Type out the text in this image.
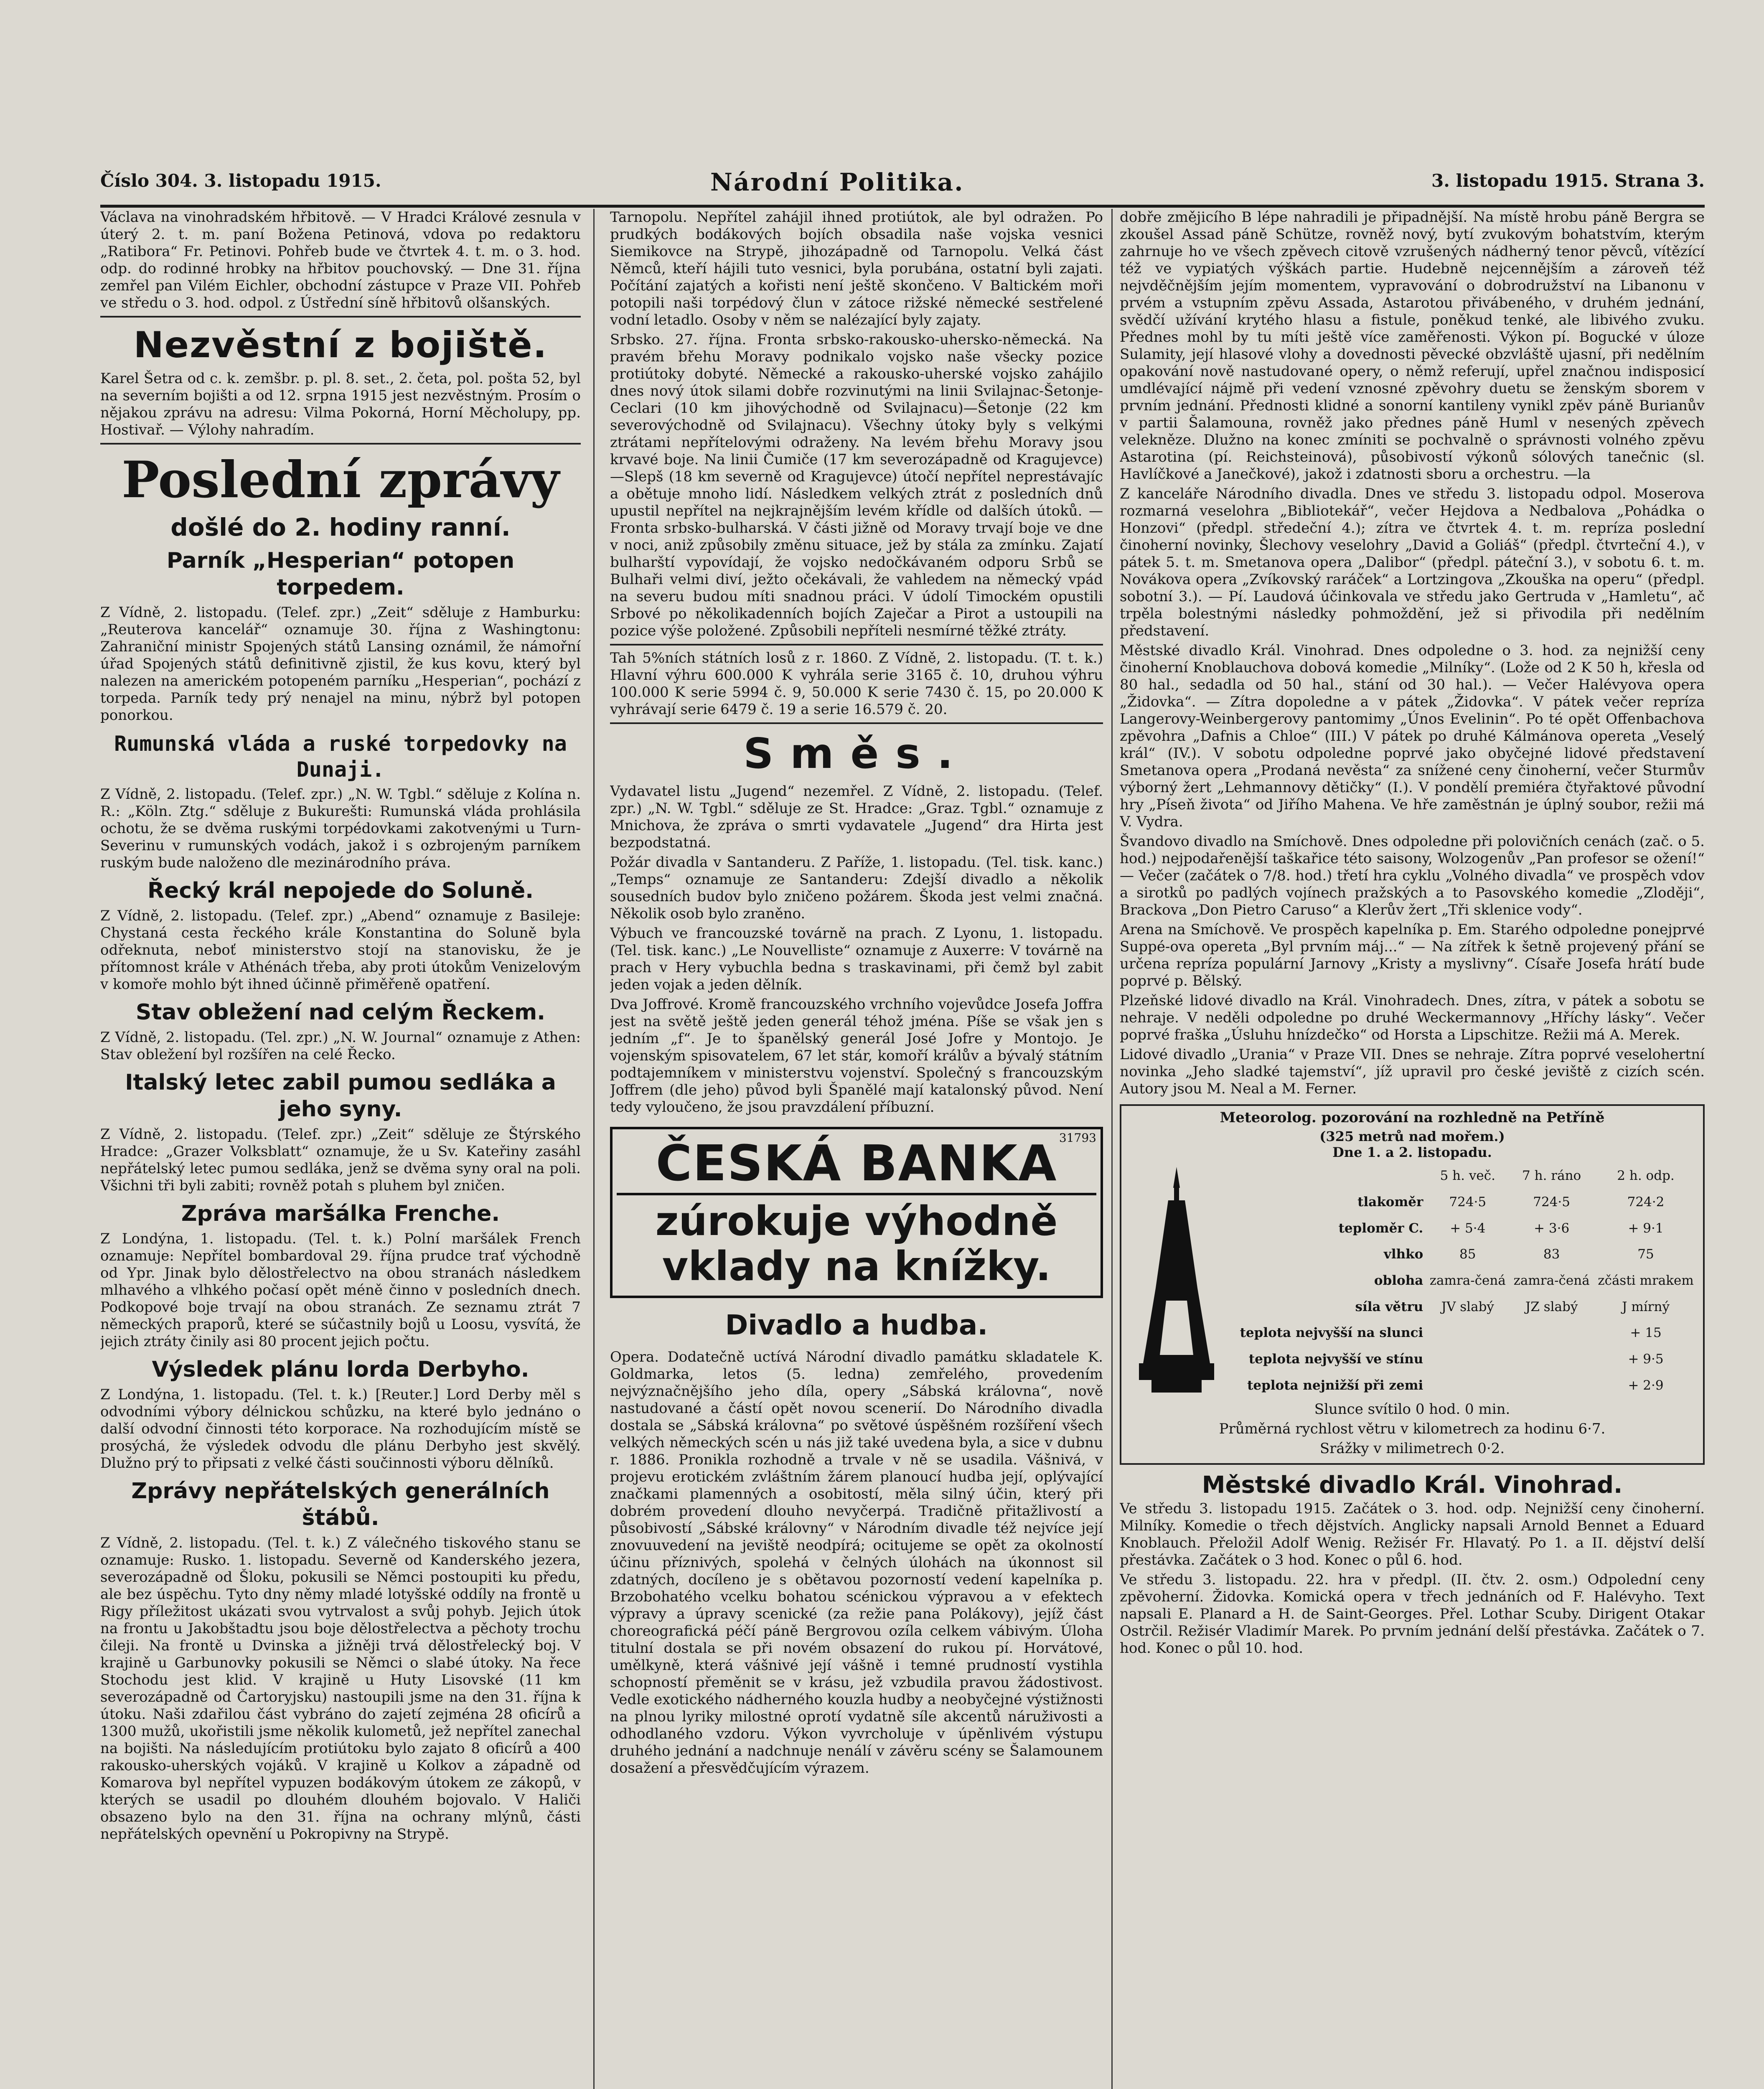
Číslo 304. 3. listopadu 1915.	Národní Politika.	3. listopadu 1915. Strana 3.

Václava na vinohradském hřbitově. — V Hradci Králové zesnula v úterý 2. t. m. paní Božena Petinová, vdova po redaktoru „Ratibora“ Fr. Petinovi. Pohřeb bude ve čtvrtek 4. t. m. o 3. hod. odp. do rodinné hrobky na hřbitov pouchovský. — Dne 31. října zemřel pan Vilém Eichler, obchodní zástupce v Praze VII. Pohřeb ve středu o 3. hod. odpol. z Ústřední síně hřbitovů olšanských.

Nezvěstní z bojiště.

Karel Šetra od c. k. zemšbr. p. pl. 8. set., 2. četa, pol. pošta 52, byl na severním bojišti a od 12. srpna 1915 jest nezvěstným. Prosím o nějakou zprávu na adresu: Vilma Pokorná, Horní Měcholupy, pp. Hostivař. — Výlohy nahradím.

Poslední zprávy
došlé do 2. hodiny ranní.
Parník „Hesperian“ potopen torpedem.

Z Vídně, 2. listopadu. (Telef. zpr.) „Zeit“ sděluje z Hamburku: „Reuterova kancelář“ oznamuje 30. října z Washingtonu: Zahraniční ministr Spojených států Lansing oznámil, že námořní úřad Spojených států definitivně zjistil, že kus kovu, který byl nalezen na americkém potopeném parníku „Hesperian“, pochází z torpeda. Parník tedy prý nenajel na minu, nýbrž byl potopen ponorkou.

Rumunská vláda a ruské torpedovky na Dunaji.

Z Vídně, 2. listopadu. (Telef. zpr.) „N. W. Tgbl.“ sděluje z Kolína n. R.: „Köln. Ztg.“ sděluje z Bukurešti: Rumunská vláda prohlásila ochotu, že se dvěma ruskými torpédovkami zakotvenými u Turn-Severinu v rumunských vodách, jakož i s ozbrojeným parníkem ruským bude naloženo dle mezinárodního práva.

Řecký král nepojede do Soluně.

Z Vídně, 2. listopadu. (Telef. zpr.) „Abend“ oznamuje z Basileje: Chystaná cesta řeckého krále Konstantina do Soluně byla odřeknuta, neboť ministerstvo stojí na stanovisku, že je přítomnost krále v Athénách třeba, aby proti útokům Venizelovým v komoře mohlo být ihned účinně přiměřeně opatření.

Stav obležení nad celým Řeckem.

Z Vídně, 2. listopadu. (Tel. zpr.) „N. W. Journal“ oznamuje z Athen: Stav obležení byl rozšířen na celé Řecko.

Italský letec zabil pumou sedláka a jeho syny.

Z Vídně, 2. listopadu. (Telef. zpr.) „Zeit“ sděluje ze Štýrského Hradce: „Grazer Volksblatt“ oznamuje, že u Sv. Kateřiny zasáhl nepřátelský letec pumou sedláka, jenž se dvěma syny oral na poli. Všichni tři byli zabiti; rovněž potah s pluhem byl zničen.

Zpráva maršálka Frenche.

Z Londýna, 1. listopadu. (Tel. t. k.) Polní maršálek French oznamuje: Nepřítel bombardoval 29. října prudce trať východně od Ypr. Jinak bylo dělostřelectvo na obou stranách následkem mlhavého a vlhkého počasí opět méně činno v posledních dnech. Podkopové boje trvají na obou stranách. Ze seznamu ztrát 7 německých praporů, které se súčastnily bojů u Loosu, vysvítá, že jejich ztráty činily asi 80 procent jejich počtu.

Výsledek plánu lorda Derbyho.

Z Londýna, 1. listopadu. (Tel. t. k.) [Reuter.] Lord Derby měl s odvodními výbory délnickou schůzku, na které bylo jednáno o další odvodní činnosti této korporace. Na rozhodujícím místě se prosýchá, že výsledek odvodu dle plánu Derbyho jest skvělý. Dlužno prý to připsati z velké části součinnosti výboru dělníků.

Zprávy nepřátelských generálních štábů.

Z Vídně, 2. listopadu. (Tel. t. k.) Z válečného tiskového stanu se oznamuje: Rusko. 1. listopadu. Severně od Kanderského jezera, severozápadně od Šloku, pokusili se Němci postoupiti ku předu, ale bez úspěchu. Tyto dny němy mladé lotyšské oddíly na frontě u Rigy příležitost ukázati svou vytrvalost a svůj pohyb. Jejich útok na frontu u Jakobštadtu jsou boje dělostřelectva a pěchoty trochu čileji. Na frontě u Dvinska a jižněji trvá dělostřelecký boj. V krajině u Garbunovky pokusili se Němci o slabé útoky. Na řece Stochodu jest klid. V krajině u Huty Lisovské (11 km severozápadně od Čartoryjsku) nastoupili jsme na den 31. října k útoku. Naši zdařilou část vybráno do zajetí zejména 28 oficírů a 1300 mužů, ukořistili jsme několik kulometů, jež nepřítel zanechal na bojišti. Na následujícím protiútoku bylo zajato 8 oficírů a 400 rakousko-uherských vojáků. V krajině u Kolkov a západně od Komarova byl nepřítel vypuzen bodákovým útokem ze zákopů, v kterých se usadil po dlouhém dlouhém bojovalo. V Haliči obsazeno bylo na den 31. října na ochrany mlýnů, části nepřátelských opevnění u Pokropivny na Strypě.

Tarnopolu. Nepřítel zahájil ihned protiútok, ale byl odražen. Po prudkých bodákových bojích obsadila naše vojska vesnici Siemikovce na Strypě, jihozápadně od Tarnopolu. Velká část Němců, kteří hájili tuto vesnici, byla porubána, ostatní byli zajati. Počítání zajatých a kořisti není ještě skončeno. V Baltickém moři potopili naši torpédový člun v zátoce rižské německé sestřelené vodní letadlo. Osoby v něm se nalézající byly zajaty.

Srbsko. 27. října. Fronta srbsko-rakousko-uhersko-německá. Na pravém břehu Moravy podnikalo vojsko naše všecky pozice protiútoky dobyté. Německé a rakousko-uherské vojsko zahájilo dnes nový útok silami dobře rozvinutými na linii Svilajnac-Šetonje-Ceclari (10 km jihovýchodně od Svilajnacu)—Šetonje (22 km severovýchodně od Svilajnacu). Všechny útoky byly s velkými ztrátami nepřítelovými odraženy. Na levém břehu Moravy jsou krvavé boje. Na linii Čumiče (17 km severozápadně od Kragujevce)—Slepš (18 km severně od Kragujevce) útočí nepřítel neprestávajíc a obětuje mnoho lidí. Následkem velkých ztrát z posledních dnů upustil nepřítel na nejkrajnějším levém křídle od dalších útoků. — Fronta srbsko-bulharská. V části jižně od Moravy trvají boje ve dne v noci, aniž způsobily změnu situace, jež by stála za zmínku. Zajatí bulharští vypovídají, že vojsko nedočkávaném odporu Srbů se Bulhaři velmi diví, ježto očekávali, že vahledem na německý vpád na severu budou míti snadnou práci. V údolí Timockém opustili Srbové po několikadenních bojích Zaječar a Pirot a ustoupili na pozice výše položené. Způsobili nepříteli nesmírné těžké ztráty.

Tah 5%ních státních losů z r. 1860. Z Vídně, 2. listopadu. (T. t. k.) Hlavní výhru 600.000 K vyhrála serie 3165 č. 10, druhou výhru 100.000 K serie 5994 č. 9, 50.000 K serie 7430 č. 15, po 20.000 K vyhrávají serie 6479 č. 19 a serie 16.579 č. 20.

Směs.

Vydavatel listu „Jugend“ nezemřel. Z Vídně, 2. listopadu. (Telef. zpr.) „N. W. Tgbl.“ sděluje ze St. Hradce: „Graz. Tgbl.“ oznamuje z Mnichova, že zpráva o smrti vydavatele „Jugend“ dra Hirta jest bezpodstatná.

Požár divadla v Santanderu. Z Paříže, 1. listopadu. (Tel. tisk. kanc.) „Temps“ oznamuje ze Santanderu: Zdejší divadlo a několik sousedních budov bylo zničeno požárem. Škoda jest velmi značná. Několik osob bylo zraněno.

Výbuch ve francouzské továrně na prach. Z Lyonu, 1. listopadu. (Tel. tisk. kanc.) „Le Nouvelliste“ oznamuje z Auxerre: V továrně na prach v Hery vybuchla bedna s traskavinami, při čemž byl zabit jeden vojak a jeden dělník.

Dva Joffrové. Kromě francouzského vrchního vojevůdce Josefa Joffra jest na světě ještě jeden generál téhož jména. Píše se však jen s jedním „f“. Je to španělský generál José Jofre y Montojo. Je vojenským spisovatelem, 67 let stár, komoří králův a bývalý státním podtajemníkem v ministerstvu vojenství. Společný s francouzským Joffrem (dle jeho) původ byli Španělé mají katalonský původ. Není tedy vyloučeno, že jsou pravzdálení příbuzní.

31793
ČESKÁ BANKA
zúrokuje výhodně
vklady na knížky.
Divadlo a hudba.

Opera. Dodatečně uctívá Národní divadlo památku skladatele K. Goldmarka, letos (5. ledna) zemřelého, provedením nejvýznačnějšího jeho díla, opery „Sábská královna“, nově nastudované a částí opět novou scenerií. Do Národního divadla dostala se „Sábská královna“ po světové úspěšném rozšíření všech velkých německých scén u nás již také uvedena byla, a sice v dubnu r. 1886. Pronikla rozhodně a trvale v ně se usadila. Vášnivá, v projevu erotickém zvláštním žárem planoucí hudba její, oplývající značkami plamenných a osobitostí, měla silný účin, který při dobrém provedení dlouho nevyčerpá. Tradičně přitažlivostí a působivostí „Sábské královny“ v Národním divadle též nejvíce její znovuuvedení na jeviště neodpírá; ocitujeme se opět za okolností účinu příznivých, spolehá v čelných úlohách na úkonnost sil zdatných, docíleno je s obětavou pozorností vedení kapelníka p. Brzobohatého vcelku bohatou scénickou výpravou a v efektech výpravy a úpravy scenické (za režie pana Polákovy), jejíž část choreografická péčí páně Bergrovou ozíla celkem vábivým. Úloha titulní dostala se při novém obsazení do rukou pí. Horvátové, umělkyně, která vášnivé její vášně i temné prudností vystihla schopností přeměnit se v krásu, jež vzbudila pravou žádostivost. Vedle exotického nádherného kouzla hudby a neobyčejné výstižnosti na plnou lyriky milostné oprotí vydatně síle akcentů náruživosti a odhodlaného vzdoru. Výkon vyvrcholuje v úpěnlivém výstupu druhého jednání a nadchnuje nenálí v závěru scény se Šalamounem dosažení a přesvědčujícím výrazem.

dobře změjicího B lépe nahradili je připadnější. Na místě hrobu páně Bergra se zkoušel Assad páně Schütze, rovněž nový, bytí zvukovým bohatstvím, kterým zahrnuje ho ve všech zpěvech citově vzrušených nádherný tenor pěvců, vítězící též ve vypiatých výškách partie. Hudebně nejcennějším a zároveň též nejvděčnějším jejím momentem, vypravování o dobrodružství na Libanonu v prvém a vstupním zpěvu Assada, Astarotou přivábeného, v druhém jednání, svědčí užívání krytého hlasu a fistule, poněkud tenké, ale libivého zvuku. Přednes mohl by tu míti ještě více zaměřenosti. Výkon pí. Bogucké v úloze Sulamity, její hlasové vlohy a dovednosti pěvecké obzvláště ujasní, při nedělním opakování nově nastudované opery, o němž referují, upřel značnou indisposicí umdlévající nájmě při vedení vznosné zpěvohry duetu se ženským sborem v prvním jednání. Přednosti klidné a sonorní kantileny vynikl zpěv páně Burianův v partii Šalamouna, rovněž jako přednes páně Huml v nesených zpěvech velekněze. Dlužno na konec zmíniti se pochvalně o správnosti volného zpěvu Astarotina (pí. Reichsteinová), působivostí výkonů sólových tanečnic (sl. Havlíčkové a Janečkové), jakož i zdatnosti sboru a orchestru. —la

Z kanceláře Národního divadla. Dnes ve středu 3. listopadu odpol. Moserova rozmarná veselohra „Bibliotekář“, večer Hejdova a Nedbalova „Pohádka o Honzovi“ (předpl. středeční 4.); zítra ve čtvrtek 4. t. m. repríza poslední činoherní novinky, Šlechovy veselohry „David a Goliáš“ (předpl. čtvrteční 4.), v pátek 5. t. m. Smetanova opera „Dalibor“ (předpl. páteční 3.), v sobotu 6. t. m. Novákova opera „Zvíkovský raráček“ a Lortzingova „Zkouška na operu“ (předpl. sobotní 3.). — Pí. Laudová účinkovala ve středu jako Gertruda v „Hamletu“, ač trpěla bolestnými následky pohmoždění, jež si přivodila při nedělním představení.

Městské divadlo Král. Vinohrad. Dnes odpoledne o 3. hod. za nejnižší ceny činoherní Knoblauchova dobová komedie „Milníky“. (Lože od 2 K 50 h, křesla od 80 hal., sedadla od 50 hal., stání od 30 hal.). — Večer Halévyova opera „Židovka“. — Zítra dopoledne a v pátek „Židovka“. V pátek večer repríza Langerovy-Weinbergerovy pantomimy „Únos Evelinin“. Po té opět Offenbachova zpěvohra „Dafnis a Chloe“ (III.) V pátek po druhé Kálmánova opereta „Veselý král“ (IV.). V sobotu odpoledne poprvé jako obyčejné lidové představení Smetanova opera „Prodaná nevěsta“ za snížené ceny činoherní, večer Sturmův výborný žert „Lehmannovy dětičky“ (I.). V pondělí premiéra čtyřaktové původní hry „Píseň života“ od Jiřího Mahena. Ve hře zaměstnán je úplný soubor, režii má V. Vydra.

Švandovo divadlo na Smíchově. Dnes odpoledne při polovičních cenách (zač. o 5. hod.) nejpodařenější taškařice této saisony, Wolzogenův „Pan profesor se ožení!“ — Večer (začátek o 7/8. hod.) třetí hra cyklu „Volného divadla“ ve prospěch vdov a sirotků po padlých vojínech pražských a to Pasovského komedie „Zloději“, Brackova „Don Pietro Caruso“ a Klerův žert „Tři sklenice vody“.

Arena na Smíchově. Ve prospěch kapelníka p. Em. Starého odpoledne ponejprvé Suppé-ova opereta „Byl prvním máj...“ — Na zítřek k šetně projevený přání se určena repríza populární Jarnovy „Kristy a myslivny“. Císaře Josefa hrátí bude poprvé p. Bělský.

Plzeňské lidové divadlo na Král. Vinohradech. Dnes, zítra, v pátek a sobotu se nehraje. V neděli odpoledne po druhé Weckermannovy „Hříchy lásky“. Večer poprvé fraška „Úsluhu hnízdečko“ od Horsta a Lipschitze. Režii má A. Merek.

Lidové divadlo „Urania“ v Praze VII. Dnes se nehraje. Zítra poprvé veselohertní novinka „Jeho sladké tajemství“, jíž upravil pro české jeviště z cizích scén. Autory jsou M. Neal a M. Ferner.

Meteorolog. pozorování na rozhledně na Petříně
(325 metrů nad mořem.)
Dne 1. a 2. listopadu.
	5 h. več.	7 h. ráno	2 h. odp.
tlakoměr	724·5	724·5	724·2
teploměr C.	+ 5·4	+ 3·6	+ 9·1
vlhko	85	83	75
oblohа	zamra-čená	zamra-čená	zčásti mrakem
síla větru	JV slabý	JZ slabý	J mírný
teplota nejvyšší na slunci			+ 15
teplota nejvyšší ve stínu			+ 9·5
teplota nejnižší při zemi			+ 2·9

Slunce svítilo 0 hod. 0 min.

Průměrná rychlost větru v kilometrech za hodinu 6·7.

Srážky v milimetrech 0·2.

Městské divadlo Král. Vinohrad.

Ve středu 3. listopadu 1915. Začátek o 3. hod. odp. Nejnižší ceny činoherní. Milníky. Komedie o třech dějstvích. Anglicky napsali Arnold Bennet a Eduard Knoblauch. Přeložil Adolf Wenig. Režisér Fr. Hlavatý. Po 1. a II. dějství delší přestávka. Začátek o 3 hod. Konec o půl 6. hod.

Ve středu 3. listopadu. 22. hra v předpl. (II. čtv. 2. osm.) Odpolední ceny zpěvoherní. Židovka. Komická opera v třech jednáních od F. Halévyho. Text napsali E. Planard a H. de Saint-Georges. Přel. Lothar Scuby. Dirigent Otakar Ostrčil. Režisér Vladimír Marek. Po prvním jednání delší přestávka. Začátek o 7. hod. Konec o půl 10. hod.
